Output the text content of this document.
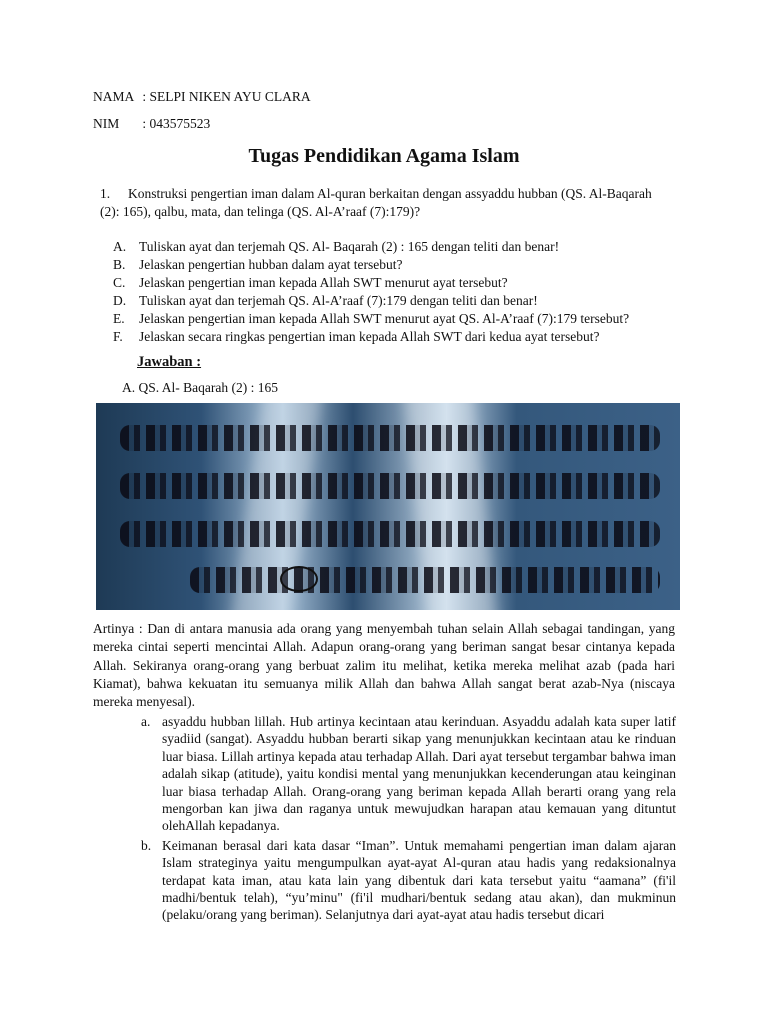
NAMA : SELPI NIKEN AYU CLARA
NIM : 043575523
Tugas Pendidikan Agama Islam
1. Konstruksi pengertian iman dalam Al-quran berkaitan dengan assyaddu hubban (QS. Al-Baqarah (2): 165), qalbu, mata, dan telinga (QS. Al-A’raaf (7):179)?
A. Tuliskan ayat dan terjemah QS. Al- Baqarah (2) : 165 dengan teliti dan benar!
B. Jelaskan pengertian hubban dalam ayat tersebut?
C. Jelaskan pengertian iman kepada Allah SWT menurut ayat tersebut?
D. Tuliskan ayat dan terjemah QS. Al-A’raaf (7):179 dengan teliti dan benar!
E. Jelaskan pengertian iman kepada Allah SWT menurut ayat QS. Al-A’raaf (7):179 tersebut?
F. Jelaskan secara ringkas pengertian iman kepada Allah SWT dari kedua ayat tersebut?
Jawaban :
A. QS. Al- Baqarah (2) : 165
Artinya : Dan di antara manusia ada orang yang menyembah tuhan selain Allah sebagai tandingan, yang mereka cintai seperti mencintai Allah. Adapun orang-orang yang beriman sangat besar cintanya kepada Allah. Sekiranya orang-orang yang berbuat zalim itu melihat, ketika mereka melihat azab (pada hari Kiamat), bahwa kekuatan itu semuanya milik Allah dan bahwa Allah sangat berat azab-Nya (niscaya mereka menyesal).
a. asyaddu hubban lillah. Hub artinya kecintaan atau kerinduan. Asyaddu adalah kata super latif syadiid (sangat). Asyaddu hubban berarti sikap yang menunjukkan kecintaan atau ke rinduan luar biasa. Lillah artinya kepada atau terhadap Allah. Dari ayat tersebut tergambar bahwa iman adalah sikap (atitude), yaitu kondisi mental yang menunjukkan kecenderungan atau keinginan luar biasa terhadap Allah. Orang-orang yang beriman kepada Allah berarti orang yang rela mengorban kan jiwa dan raganya untuk mewujudkan harapan atau kemauan yang dituntut olehAllah kepadanya.
b. Keimanan berasal dari kata dasar “Iman”. Untuk memahami pengertian iman dalam ajaran Islam strateginya yaitu mengumpulkan ayat-ayat Al-quran atau hadis yang redaksionalnya terdapat kata iman, atau kata lain yang dibentuk dari kata tersebut yaitu “aamana” (fi'il madhi/bentuk telah), “yu’minu" (fi'il mudhari/bentuk sedang atau akan), dan mukminun (pelaku/orang yang beriman). Selanjutnya dari ayat-ayat atau hadis tersebut dicari
